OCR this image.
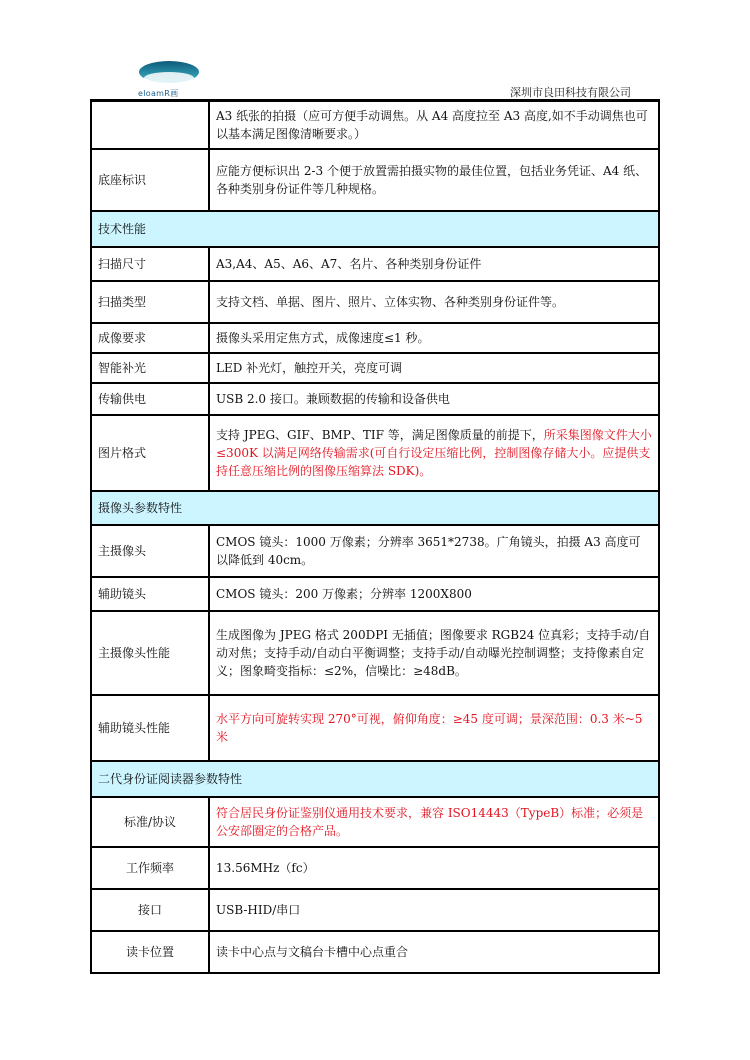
eloamR画	深圳市良田科技有限公司
	A3 纸张的拍摄（应可方便手动调焦。从 A4 高度拉至 A3 高度,如不手动调焦也可以基本满足图像清晰要求。）
底座标识	应能方便标识出 2-3 个便于放置需拍摄实物的最佳位置，包括业务凭证、A4 纸、各种类别身份证件等几种规格。
技术性能	
扫描尺寸	A3,A4、A5、A6、A7、名片、各种类别身份证件
扫描类型	支持文档、单据、图片、照片、立体实物、各种类别身份证件等。
成像要求	摄像头采用定焦方式，成像速度≤1 秒。
智能补光	LED 补光灯，触控开关，亮度可调
传输供电	USB 2.0 接口。兼顾数据的传输和设备供电
图片格式	支持 JPEG、GIF、BMP、TIF 等，满足图像质量的前提下，所采集图像文件大小≤300K 以满足网络传输需求(可自行设定压缩比例，控制图像存储大小。应提供支持任意压缩比例的图像压缩算法 SDK)。
摄像头参数特性	
主摄像头	CMOS 镜头：1000 万像素；分辨率 3651*2738。广角镜头，拍摄 A3 高度可以降低到 40cm。
辅助镜头	CMOS 镜头：200 万像素；分辨率 1200X800
主摄像头性能	生成图像为 JPEG 格式 200DPI 无插值；图像要求 RGB24 位真彩；支持手动/自动对焦；支持手动/自动白平衡调整；支持手动/自动曝光控制调整；支持像素自定义；图象畸变指标：≤2%，信噪比：≥48dB。
辅助镜头性能	水平方向可旋转实现 270°可视，俯仰角度：≥45 度可调；景深范围：0.3 米~5 米
二代身份证阅读器参数特性	
标准/协议	符合居民身份证鉴别仪通用技术要求，兼容 ISO14443（TypeB）标准；必须是公安部圈定的合格产品。
工作频率	13.56MHz（fc）
接口	USB-HID/串口
读卡位置	读卡中心点与文稿台卡槽中心点重合
